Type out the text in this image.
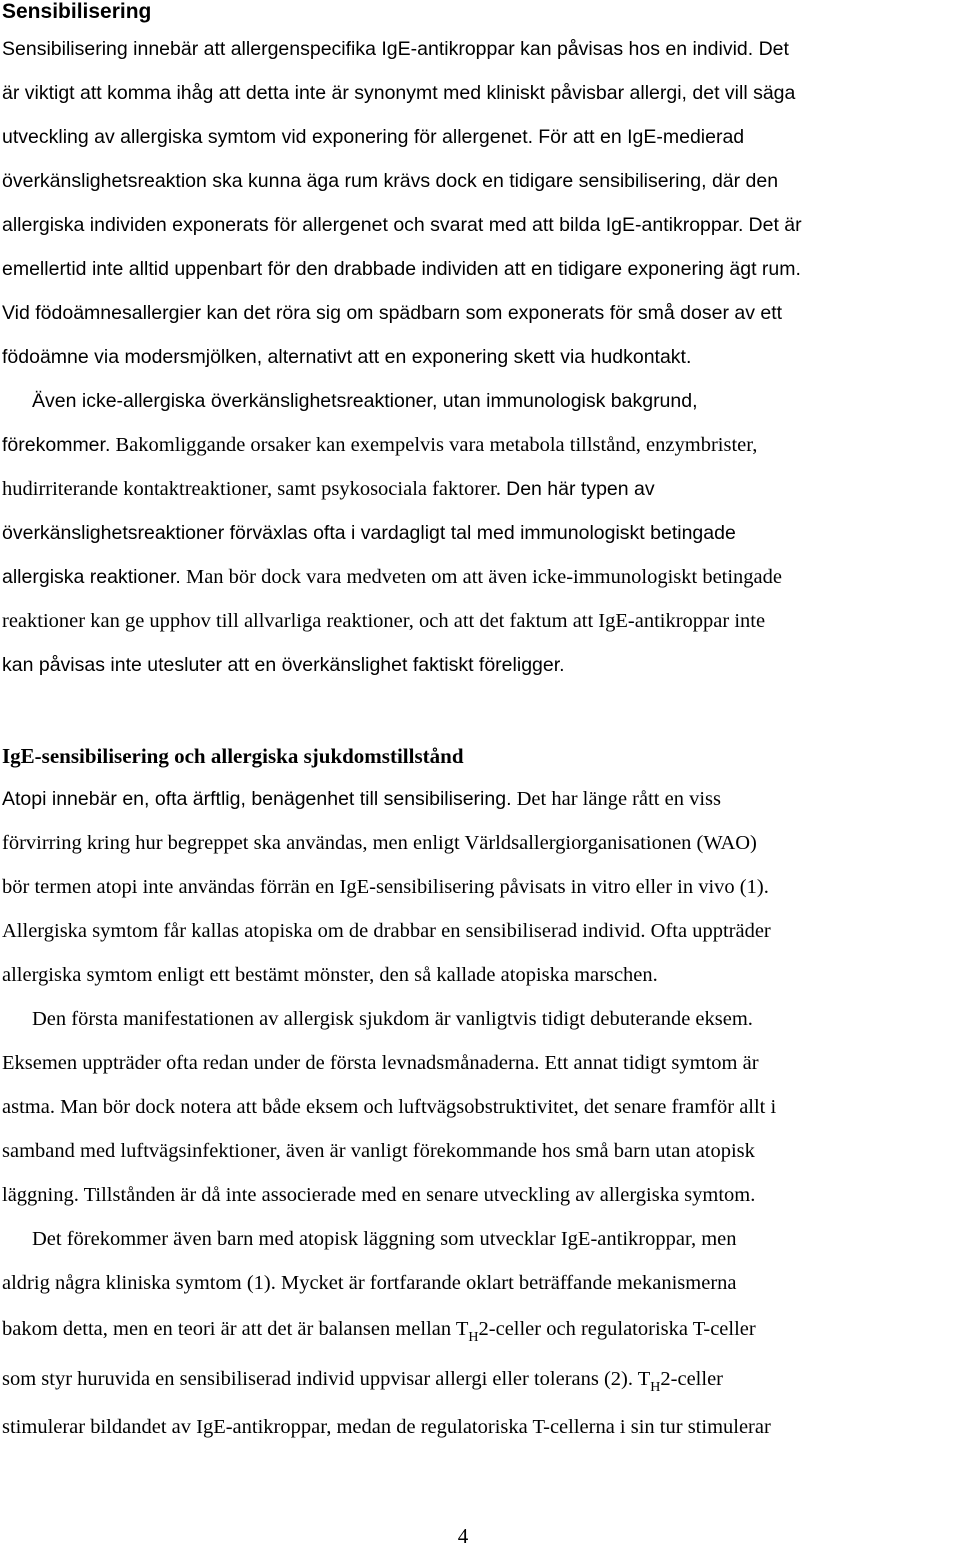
Sensibilisering

Sensibilisering innebär att allergenspecifika IgE-antikroppar kan påvisas hos en individ. Det

är viktigt att komma ihåg att detta inte är synonymt med kliniskt påvisbar allergi, det vill säga

utveckling av allergiska symtom vid exponering för allergenet. För att en IgE-medierad

överkänslighetsreaktion ska kunna äga rum krävs dock en tidigare sensibilisering, där den

allergiska individen exponerats för allergenet och svarat med att bilda IgE-antikroppar. Det är

emellertid inte alltid uppenbart för den drabbade individen att en tidigare exponering ägt rum.

Vid födoämnesallergier kan det röra sig om spädbarn som exponerats för små doser av ett

födoämne via modersmjölken, alternativt att en exponering skett via hudkontakt.

Även icke-allergiska överkänslighetsreaktioner, utan immunologisk bakgrund,

förekommer. Bakomliggande orsaker kan exempelvis vara metabola tillstånd, enzymbrister,

hudirriterande kontaktreaktioner, samt psykosociala faktorer. Den här typen av

överkänslighetsreaktioner förväxlas ofta i vardagligt tal med immunologiskt betingade

allergiska reaktioner. Man bör dock vara medveten om att även icke-immunologiskt betingade

reaktioner kan ge upphov till allvarliga reaktioner, och att det faktum att IgE-antikroppar inte

kan påvisas inte utesluter att en överkänslighet faktiskt föreligger.

IgE-sensibilisering och allergiska sjukdomstillstånd

Atopi innebär en, ofta ärftlig, benägenhet till sensibilisering. Det har länge rått en viss

förvirring kring hur begreppet ska användas, men enligt Världsallergiorganisationen (WAO)

bör termen atopi inte användas förrän en IgE-sensibilisering påvisats in vitro eller in vivo (1).

Allergiska symtom får kallas atopiska om de drabbar en sensibiliserad individ. Ofta uppträder

allergiska symtom enligt ett bestämt mönster, den så kallade atopiska marschen.

Den första manifestationen av allergisk sjukdom är vanligtvis tidigt debuterande eksem.

Eksemen uppträder ofta redan under de första levnadsmånaderna. Ett annat tidigt symtom är

astma. Man bör dock notera att både eksem och luftvägsobstruktivitet, det senare framför allt i

samband med luftvägsinfektioner, även är vanligt förekommande hos små barn utan atopisk

läggning. Tillstånden är då inte associerade med en senare utveckling av allergiska symtom.

Det förekommer även barn med atopisk läggning som utvecklar IgE-antikroppar, men

aldrig några kliniska symtom (1). Mycket är fortfarande oklart beträffande mekanismerna

bakom detta, men en teori är att det är balansen mellan $T_H2$-celler och regulatoriska T-celler

som styr huruvida en sensibiliserad individ uppvisar allergi eller tolerans (2). $T_H2$-celler

stimulerar bildandet av IgE-antikroppar, medan de regulatoriska T-cellerna i sin tur stimulerar

4
